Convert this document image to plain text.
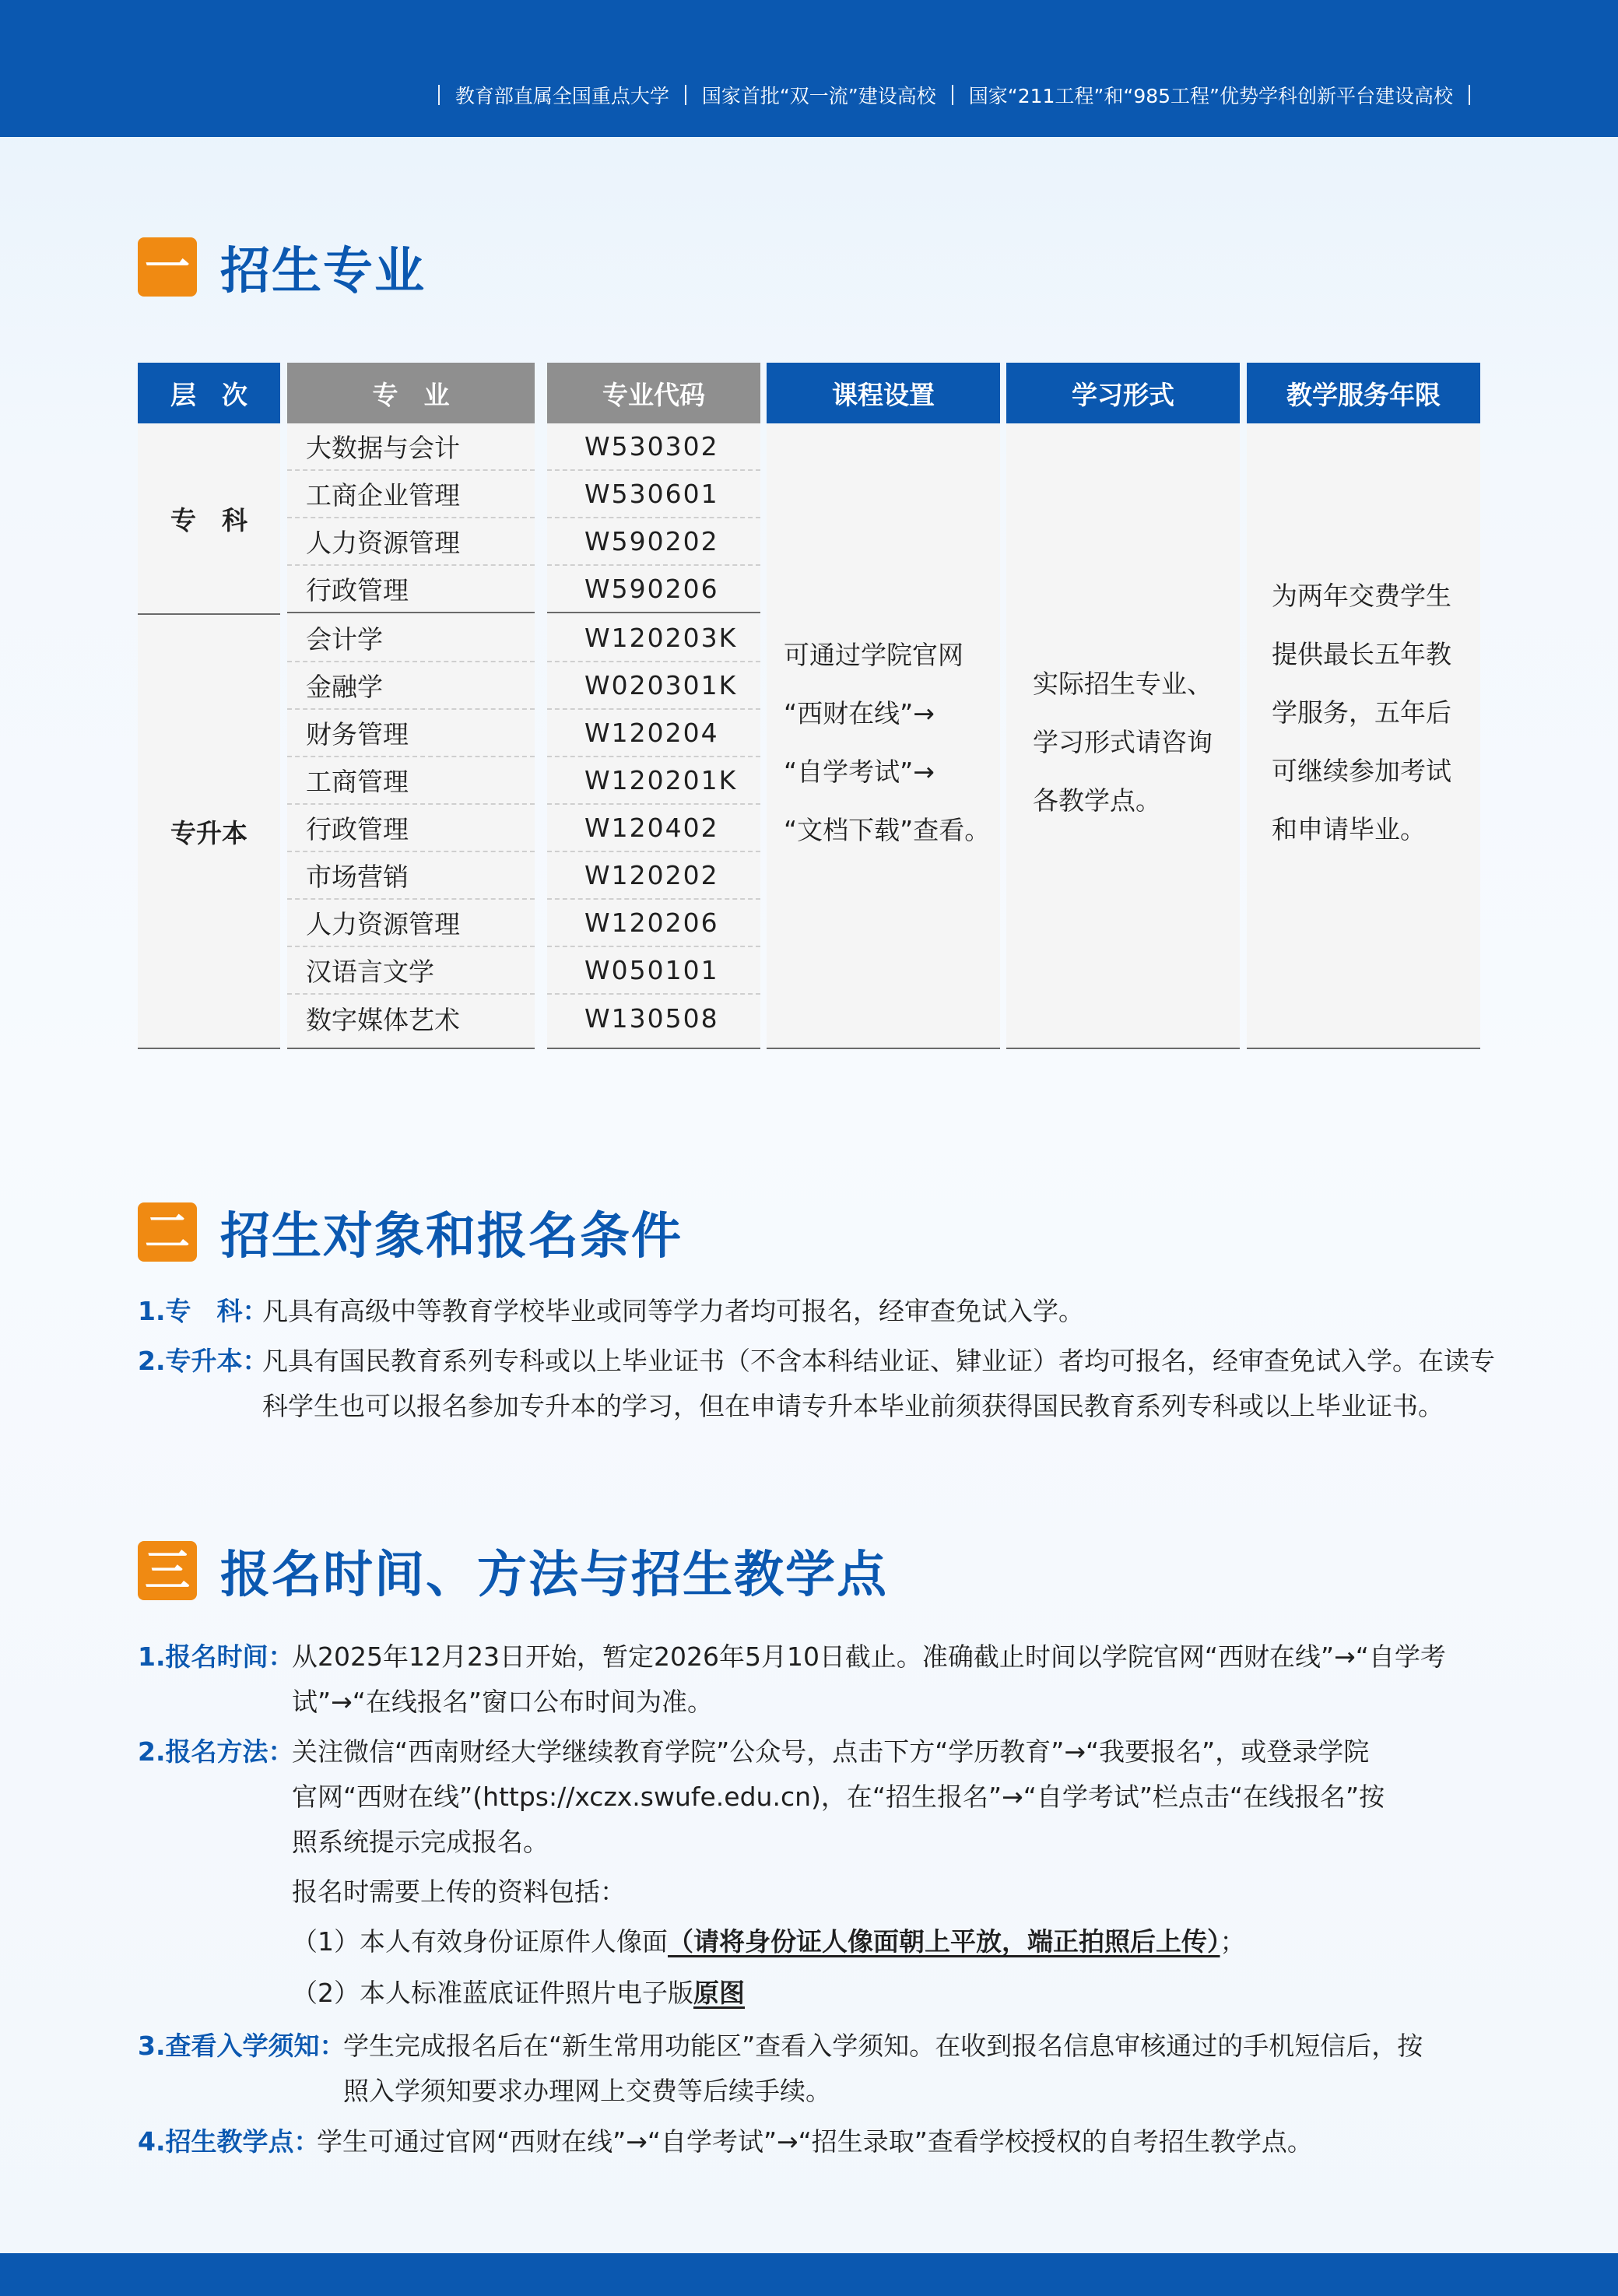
教育部直属全国重点大学 国家首批“双一流”建设高校 国家“211工程”和“985工程”优势学科创新平台建设高校
一 招生专业
层　次
专　科
专升本
专　业
大数据与会计
工商企业管理
人力资源管理
行政管理
会计学
金融学
财务管理
工商管理
行政管理
市场营销
人力资源管理
汉语言文学
数字媒体艺术
专业代码
W530302
W530601
W590202
W590206
W120203K
W020301K
W120204
W120201K
W120402
W120202
W120206
W050101
W130508
课程设置
可通过学院官网
“西财在线”→
“自学考试”→
“文档下载”查看。
学习形式
实际招生专业、
学习形式请咨询
各教学点。
教学服务年限
为两年交费学生
提供最长五年教
学服务，五年后
可继续参加考试
和申请毕业。
二 招生对象和报名条件
1.专　科：
凡具有高级中等教育学校毕业或同等学力者均可报名，经审查免试入学。
2.专升本：
凡具有国民教育系列专科或以上毕业证书（不含本科结业证、肄业证）者均可报名，经审查免试入学。在读专
科学生也可以报名参加专升本的学习，但在申请专升本毕业前须获得国民教育系列专科或以上毕业证书。
三 报名时间、方法与招生教学点
1.报名时间：
从2025年12月23日开始，暂定2026年5月10日截止。准确截止时间以学院官网“西财在线”→“自学考
试”→“在线报名”窗口公布时间为准。
2.报名方法：
关注微信“西南财经大学继续教育学院”公众号，点击下方“学历教育”→“我要报名”，或登录学院
官网“西财在线”(https://xczx.swufe.edu.cn)，在“招生报名”→“自学考试”栏点击“在线报名”按
照系统提示完成报名。
报名时需要上传的资料包括：
（1）本人有效身份证原件人像面（请将身份证人像面朝上平放，端正拍照后上传）；
（2）本人标准蓝底证件照片电子版原图
3.查看入学须知：
学生完成报名后在“新生常用功能区”查看入学须知。在收到报名信息审核通过的手机短信后，按
照入学须知要求办理网上交费等后续手续。
4.招生教学点：
学生可通过官网“西财在线”→“自学考试”→“招生录取”查看学校授权的自考招生教学点。
